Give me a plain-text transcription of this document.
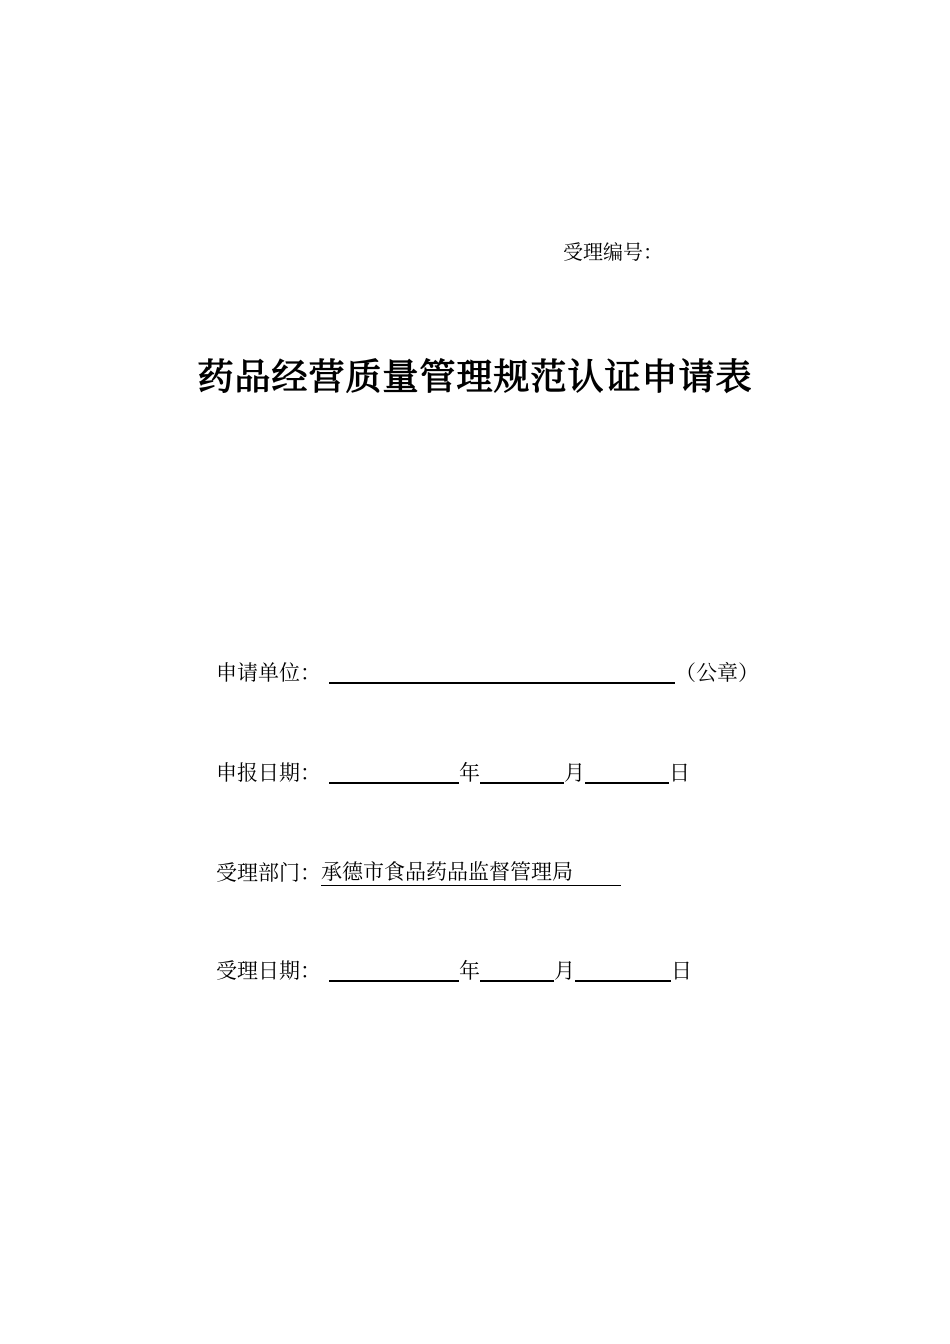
受理编号：
药品经营质量管理规范认证申请表
申请单位：	（公章）
申报日期：	年	月	日
受理部门： 承德市食品药品监督管理局
受理日期：	年	月	日
